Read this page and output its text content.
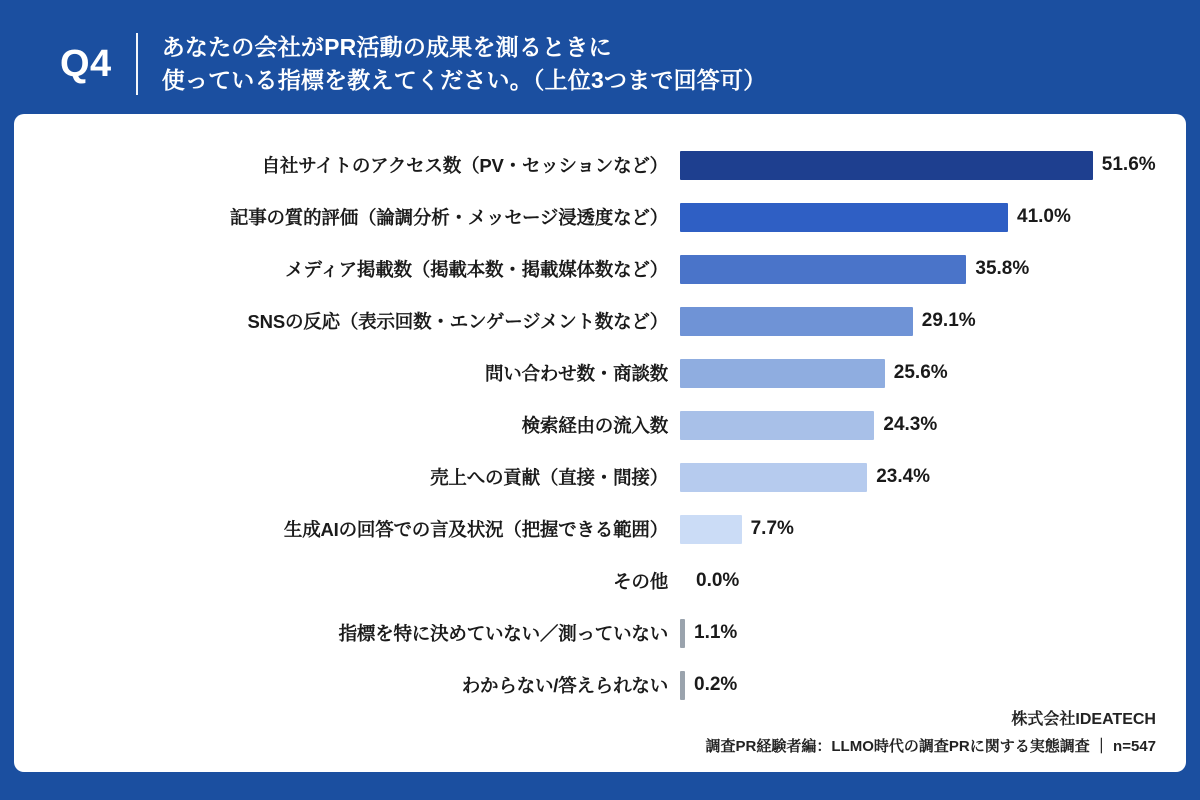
Q4	あなたの会社がPR活動の成果を測るときに
使っている指標を教えてください。（上位3つまで回答可）
自社サイトのアクセス数（PV・セッションなど）	51.6%
記事の質的評価（論調分析・メッセージ浸透度など）	41.0%
メディア掲載数（掲載本数・掲載媒体数など）	35.8%
SNSの反応（表示回数・エンゲージメント数など）	29.1%
問い合わせ数・商談数	25.6%
検索経由の流入数	24.3%
売上への貢献（直接・間接）	23.4%
生成AIの回答での言及状況（把握できる範囲）	7.7%
その他	0.0%
指標を特に決めていない／測っていない	1.1%
わからない/答えられない	0.2%
株式会社IDEATECH
調査PR経験者編：LLMO時代の調査PRに関する実態調査 ｜ n=547
